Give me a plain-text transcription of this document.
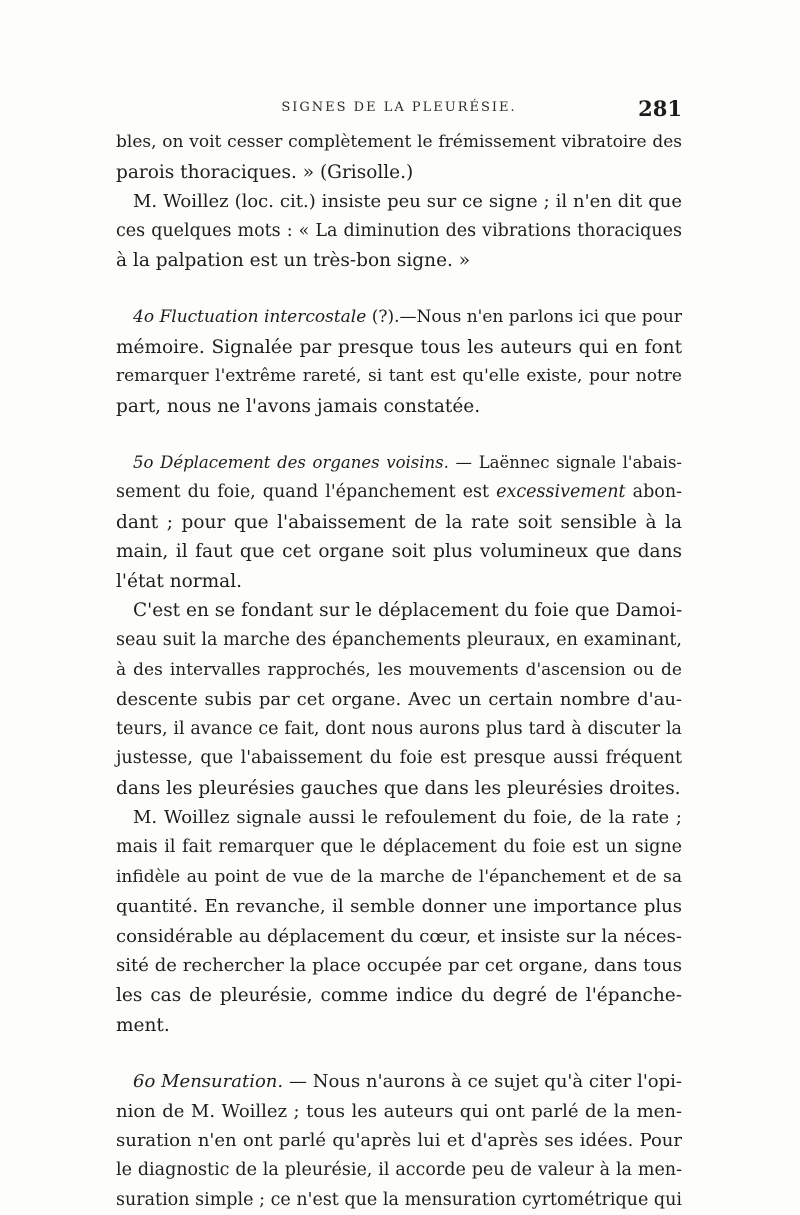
SIGNES DE LA PLEURÉSIE.	281
bles, on voit cesser complètement le frémissement vibratoire des
parois thoraciques. » (Grisolle.)
M. Woillez (loc. cit.) insiste peu sur ce signe ; il n'en dit que
ces quelques mots : « La diminution des vibrations thoraciques
à la palpation est un très-bon signe. »
4o Fluctuation intercostale (?).—Nous n'en parlons ici que pour
mémoire. Signalée par presque tous les auteurs qui en font
remarquer l'extrême rareté, si tant est qu'elle existe, pour notre
part, nous ne l'avons jamais constatée.
5o Déplacement des organes voisins. — Laënnec signale l'abais-
sement du foie, quand l'épanchement est excessivement abon-
dant ; pour que l'abaissement de la rate soit sensible à la
main, il faut que cet organe soit plus volumineux que dans
l'état normal.
C'est en se fondant sur le déplacement du foie que Damoi-
seau suit la marche des épanchements pleuraux, en examinant,
à des intervalles rapprochés, les mouvements d'ascension ou de
descente subis par cet organe. Avec un certain nombre d'au-
teurs, il avance ce fait, dont nous aurons plus tard à discuter la
justesse, que l'abaissement du foie est presque aussi fréquent
dans les pleurésies gauches que dans les pleurésies droites.
M. Woillez signale aussi le refoulement du foie, de la rate ;
mais il fait remarquer que le déplacement du foie est un signe
infidèle au point de vue de la marche de l'épanchement et de sa
quantité. En revanche, il semble donner une importance plus
considérable au déplacement du cœur, et insiste sur la néces-
sité de rechercher la place occupée par cet organe, dans tous
les cas de pleurésie, comme indice du degré de l'épanche-
ment.
6o Mensuration. — Nous n'aurons à ce sujet qu'à citer l'opi-
nion de M. Woillez ; tous les auteurs qui ont parlé de la men-
suration n'en ont parlé qu'après lui et d'après ses idées. Pour
le diagnostic de la pleurésie, il accorde peu de valeur à la men-
suration simple ; ce n'est que la mensuration cyrtométrique qui
